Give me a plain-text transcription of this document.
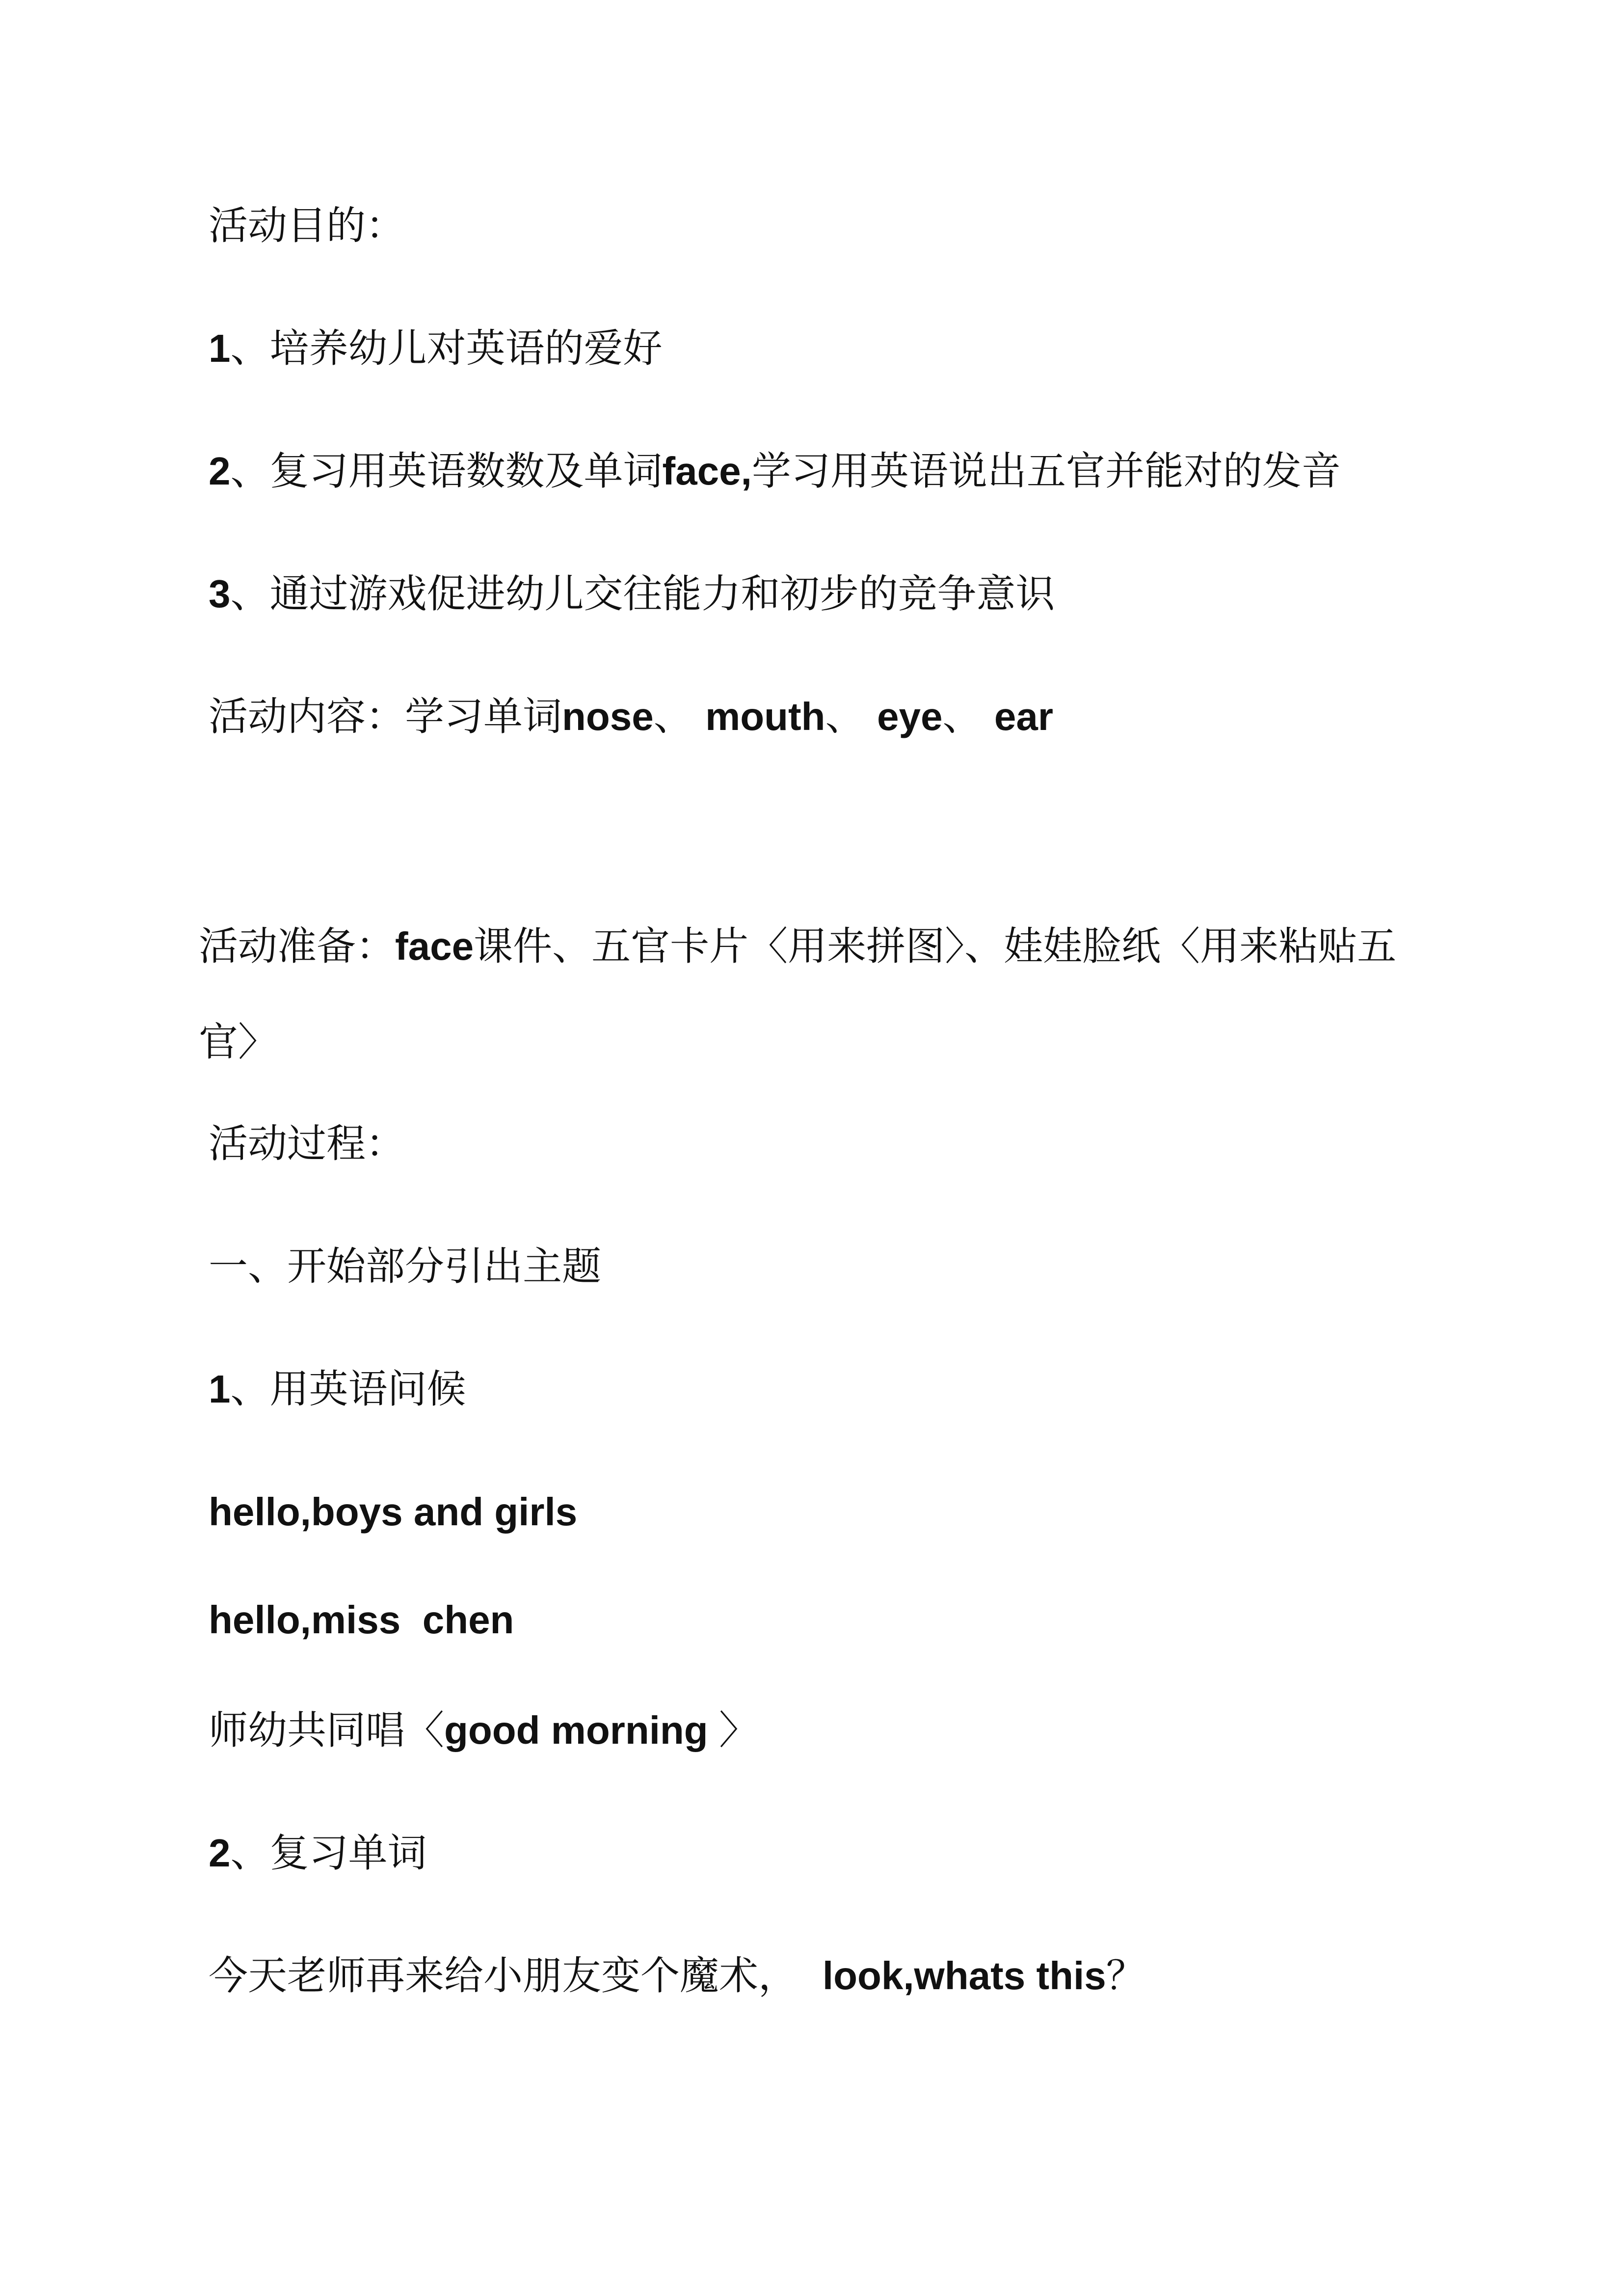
活动目的：

1、培养幼儿对英语的爱好

2、复习用英语数数及单词face,学习用英语说出五官并能对的发音

3、通过游戏促进幼儿交往能力和初步的竞争意识

活动内容：学习单词nose、 mouth、 eye、 ear

活动准备：face课件、五官卡片〈用来拼图〉、娃娃脸纸〈用来粘贴五官〉

活动过程：

一、开始部分引出主题

1、用英语问候

hello,boys and girls

hello,miss  chen

师幼共同唱〈good morning 〉

2、复习单词

今天老师再来给小朋友变个魔术，  look,whats this？
